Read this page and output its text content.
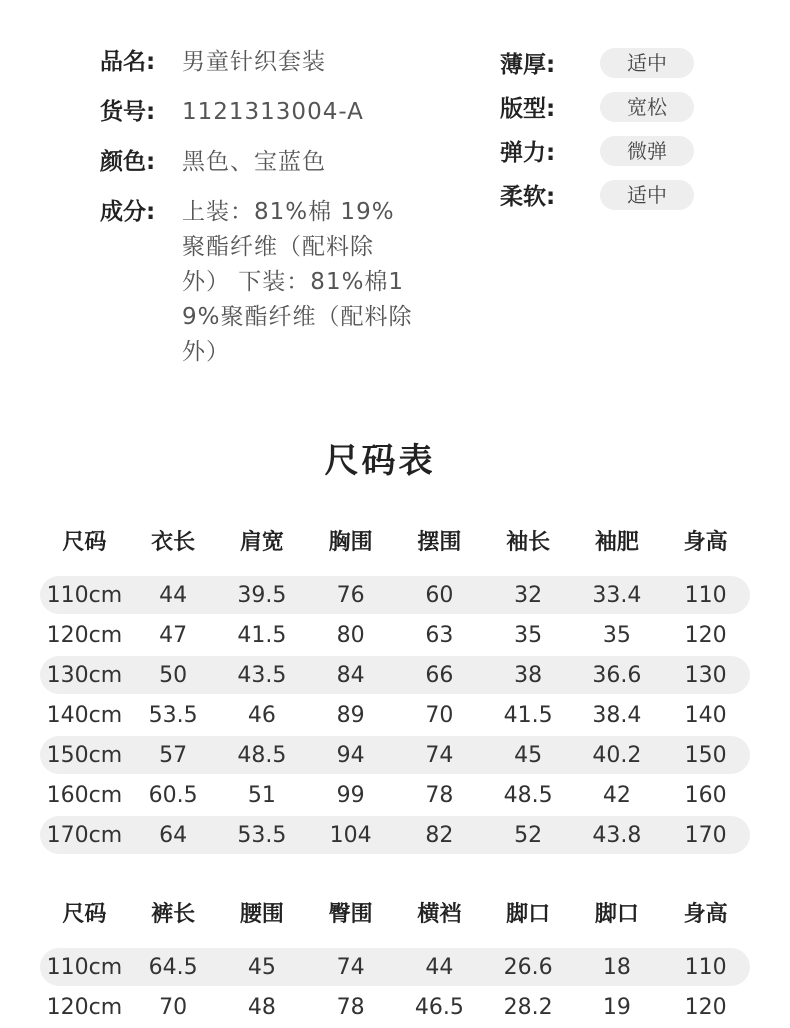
品名:	男童针织套装
货号:	1121313004-A
颜色:	黑色、宝蓝色
成分:	上装：81%棉 19%聚酯纤维（配料除外） 下装：81%棉19%聚酯纤维（配料除外）
薄厚:	适中
版型:	宽松
弹力:	微弹
柔软:	适中
尺码表
尺码	衣长	肩宽	胸围	摆围	袖长	袖肥	身高
110cm	44	39.5	76	60	32	33.4	110
120cm	47	41.5	80	63	35	35	120
130cm	50	43.5	84	66	38	36.6	130
140cm	53.5	46	89	70	41.5	38.4	140
150cm	57	48.5	94	74	45	40.2	150
160cm	60.5	51	99	78	48.5	42	160
170cm	64	53.5	104	82	52	43.8	170
尺码	裤长	腰围	臀围	横裆	脚口	脚口	身高
110cm	64.5	45	74	44	26.6	18	110
120cm	70	48	78	46.5	28.2	19	120
